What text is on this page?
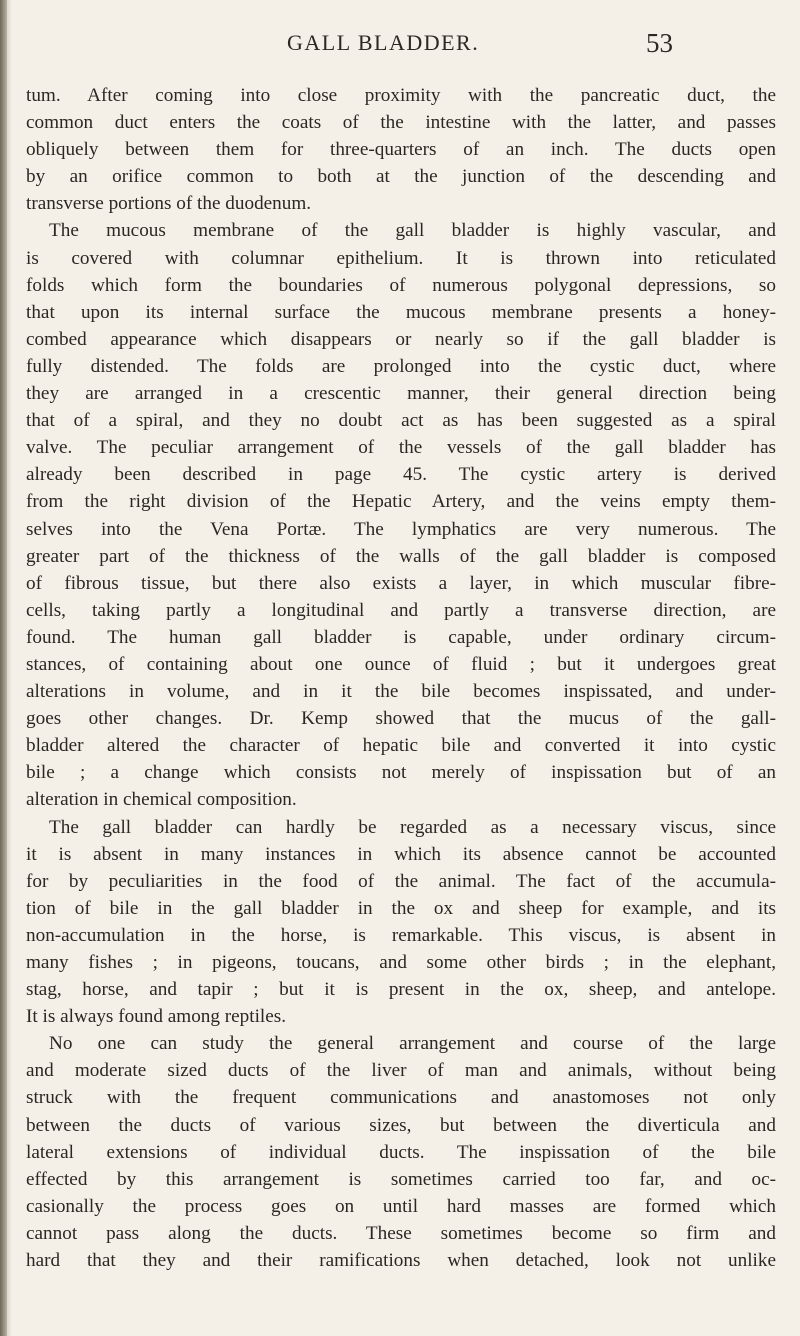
GALL BLADDER.	53
tum. After coming into close proximity with the pancreatic duct, the
common duct enters the coats of the intestine with the latter, and passes
obliquely between them for three-quarters of an inch. The ducts open
by an orifice common to both at the junction of the descending and
transverse portions of the duodenum.
The mucous membrane of the gall bladder is highly vascular, and
is covered with columnar epithelium. It is thrown into reticulated
folds which form the boundaries of numerous polygonal depressions, so
that upon its internal surface the mucous membrane presents a honey-
combed appearance which disappears or nearly so if the gall bladder is
fully distended. The folds are prolonged into the cystic duct, where
they are arranged in a crescentic manner, their general direction being
that of a spiral, and they no doubt act as has been suggested as a spiral
valve. The peculiar arrangement of the vessels of the gall bladder has
already been described in page 45. The cystic artery is derived
from the right division of the Hepatic Artery, and the veins empty them-
selves into the Vena Portæ. The lymphatics are very numerous. The
greater part of the thickness of the walls of the gall bladder is composed
of fibrous tissue, but there also exists a layer, in which muscular fibre-
cells, taking partly a longitudinal and partly a transverse direction, are
found. The human gall bladder is capable, under ordinary circum-
stances, of containing about one ounce of fluid ; but it undergoes great
alterations in volume, and in it the bile becomes inspissated, and under-
goes other changes. Dr. Kemp showed that the mucus of the gall-
bladder altered the character of hepatic bile and converted it into cystic
bile ; a change which consists not merely of inspissation but of an
alteration in chemical composition.
The gall bladder can hardly be regarded as a necessary viscus, since
it is absent in many instances in which its absence cannot be accounted
for by peculiarities in the food of the animal. The fact of the accumula-
tion of bile in the gall bladder in the ox and sheep for example, and its
non-accumulation in the horse, is remarkable. This viscus, is absent in
many fishes ; in pigeons, toucans, and some other birds ; in the elephant,
stag, horse, and tapir ; but it is present in the ox, sheep, and antelope.
It is always found among reptiles.
No one can study the general arrangement and course of the large
and moderate sized ducts of the liver of man and animals, without being
struck with the frequent communications and anastomoses not only
between the ducts of various sizes, but between the diverticula and
lateral extensions of individual ducts. The inspissation of the bile
effected by this arrangement is sometimes carried too far, and oc-
casionally the process goes on until hard masses are formed which
cannot pass along the ducts. These sometimes become so firm and
hard that they and their ramifications when detached, look not unlike
